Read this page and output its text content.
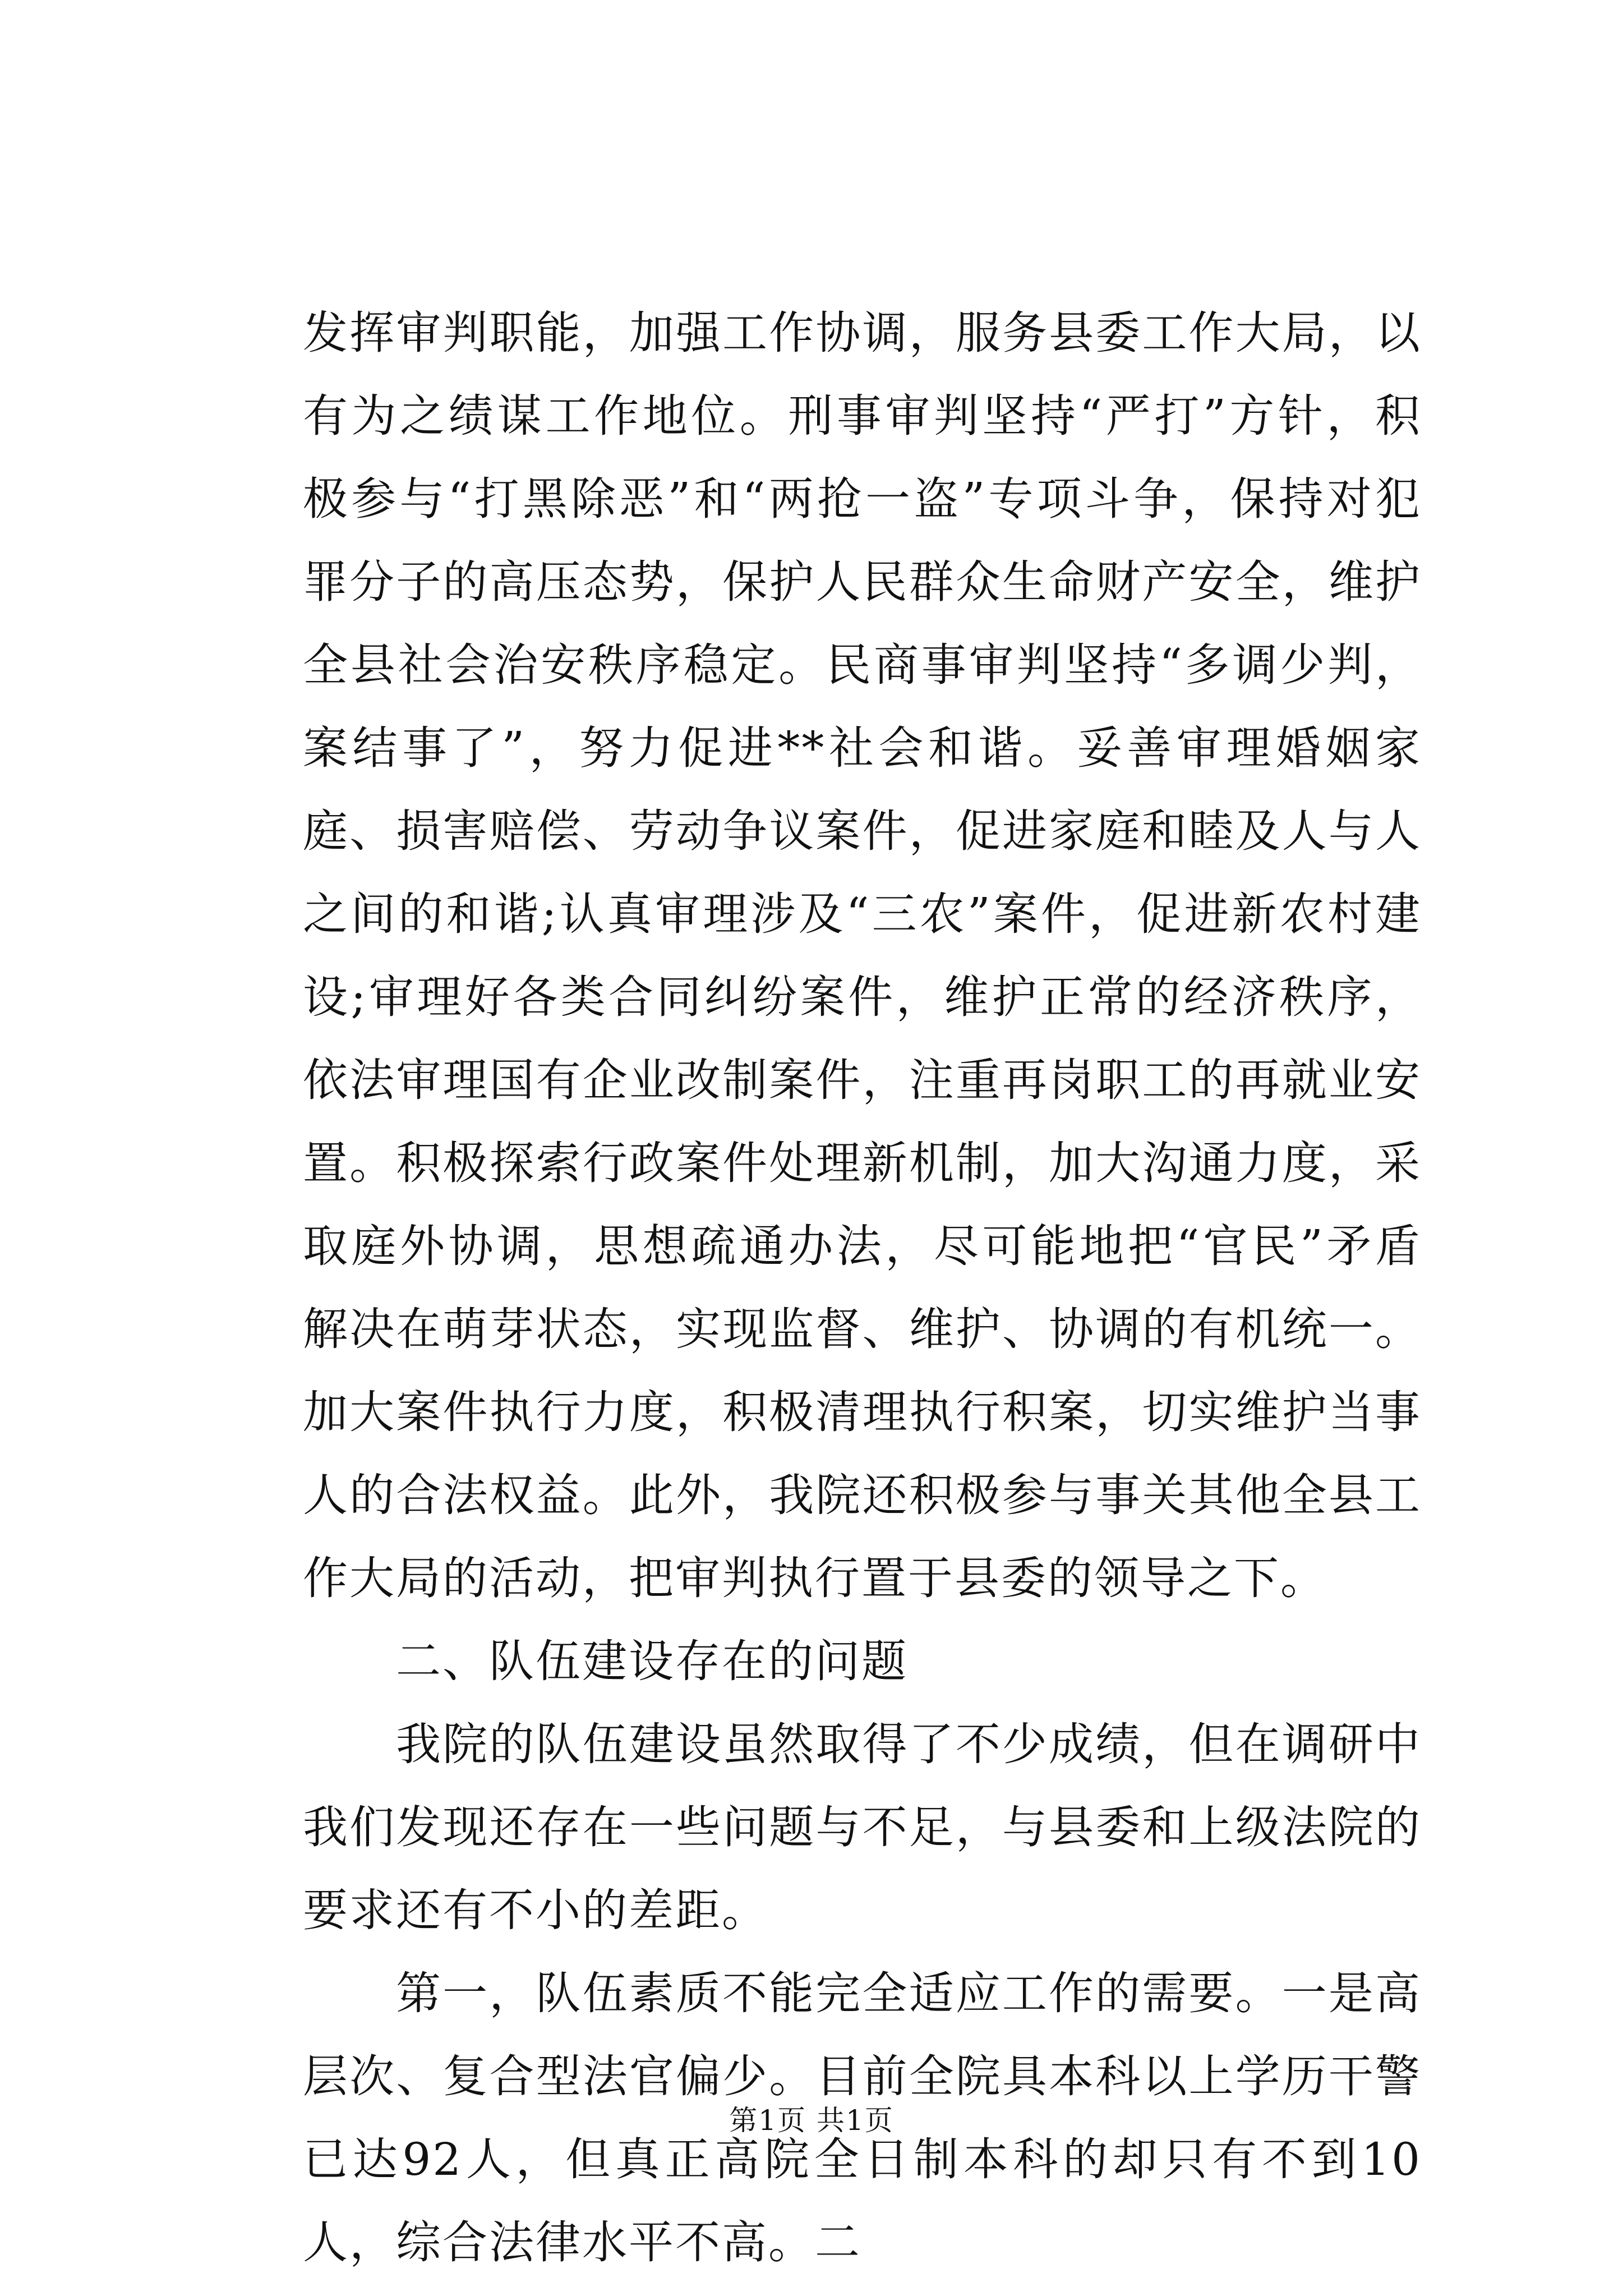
发挥审判职能，加强工作协调，服务县委工作大局，以有为之绩谋工作地位。刑事审判坚持“严打”方针，积极参与“打黑除恶”和“两抢一盗”专项斗争，保持对犯罪分子的高压态势，保护人民群众生命财产安全，维护全县社会治安秩序稳定。民商事审判坚持“多调少判，案结事了”，努力促进**社会和谐。妥善审理婚姻家庭、损害赔偿、劳动争议案件，促进家庭和睦及人与人之间的和谐;认真审理涉及“三农”案件，促进新农村建设;审理好各类合同纠纷案件，维护正常的经济秩序，依法审理国有企业改制案件，注重再岗职工的再就业安置。积极探索行政案件处理新机制，加大沟通力度，采取庭外协调，思想疏通办法，尽可能地把“官民”矛盾解决在萌芽状态，实现监督、维护、协调的有机统一。加大案件执行力度，积极清理执行积案，切实维护当事人的合法权益。此外，我院还积极参与事关其他全县工作大局的活动，把审判执行置于县委的领导之下。

二、队伍建设存在的问题

我院的队伍建设虽然取得了不少成绩，但在调研中我们发现还存在一些问题与不足，与县委和上级法院的要求还有不小的差距。

第一，队伍素质不能完全适应工作的需要。一是高层次、复合型法官偏少。目前全院具本科以上学历干警已达92人，但真正高院全日制本科的却只有不到10人，综合法律水平不高。二

第1页 共1页
